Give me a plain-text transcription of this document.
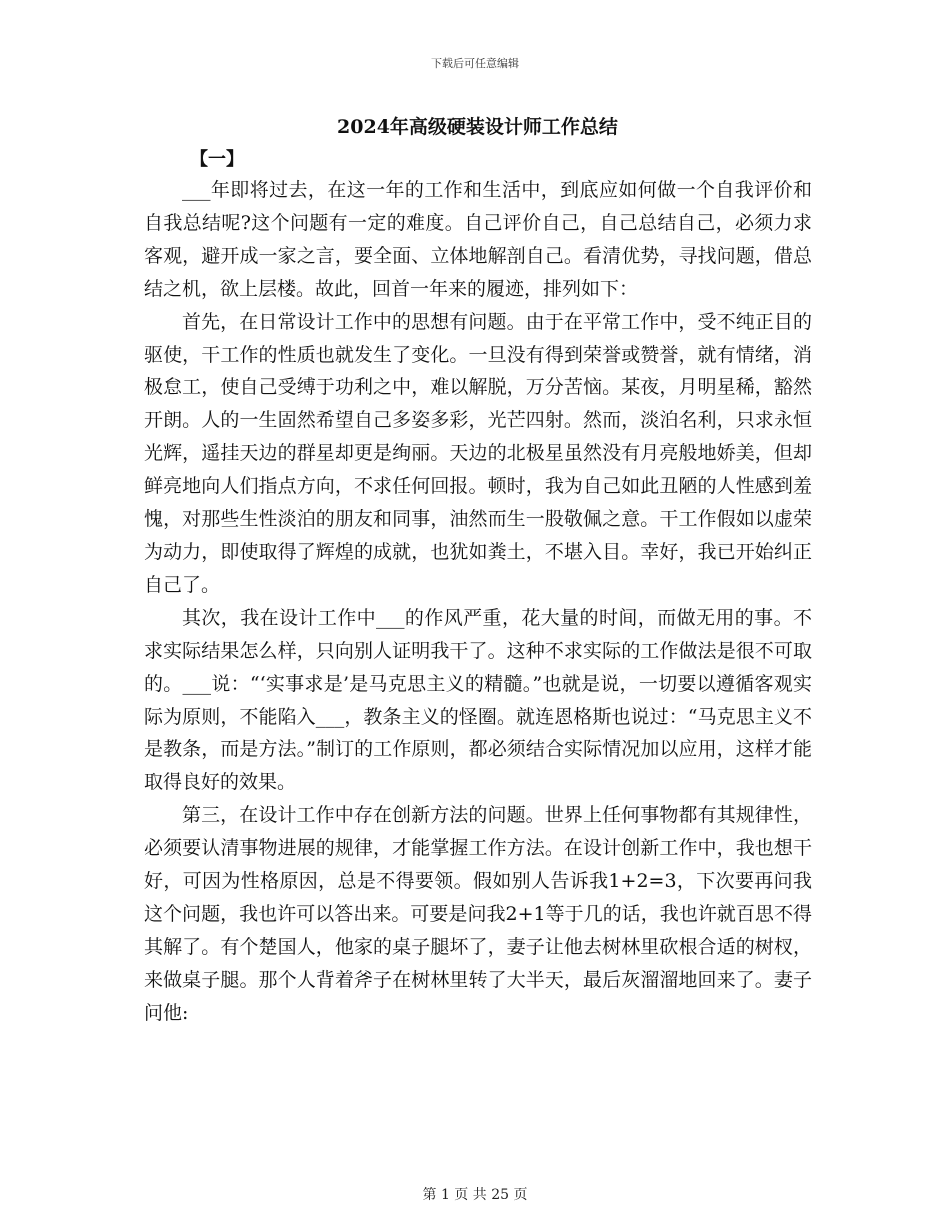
下载后可任意编辑
2024年高级硬装设计师工作总结
【一】

___年即将过去，在这一年的工作和生活中，到底应如何做一个自我评价和自我总结呢?这个问题有一定的难度。自己评价自己，自己总结自己，必须力求客观，避开成一家之言，要全面、立体地解剖自己。看清优势，寻找问题，借总结之机，欲上层楼。故此，回首一年来的履迹，排列如下：

首先，在日常设计工作中的思想有问题。由于在平常工作中，受不纯正目的驱使，干工作的性质也就发生了变化。一旦没有得到荣誉或赞誉，就有情绪，消极怠工，使自己受缚于功利之中，难以解脱，万分苦恼。某夜，月明星稀，豁然开朗。人的一生固然希望自己多姿多彩，光芒四射。然而，淡泊名利，只求永恒光辉，遥挂天边的群星却更是绚丽。天边的北极星虽然没有月亮般地娇美，但却鲜亮地向人们指点方向，不求任何回报。顿时，我为自己如此丑陋的人性感到羞愧，对那些生性淡泊的朋友和同事，油然而生一股敬佩之意。干工作假如以虚荣为动力，即使取得了辉煌的成就，也犹如粪土，不堪入目。幸好，我已开始纠正自己了。

其次，我在设计工作中___的作风严重，花大量的时间，而做无用的事。不求实际结果怎么样，只向别人证明我干了。这种不求实际的工作做法是很不可取的。___说：“‘实事求是’是马克思主义的精髓。”也就是说，一切要以遵循客观实际为原则，不能陷入___，教条主义的怪圈。就连恩格斯也说过：“马克思主义不是教条，而是方法。”制订的工作原则，都必须结合实际情况加以应用，这样才能取得良好的效果。

第三，在设计工作中存在创新方法的问题。世界上任何事物都有其规律性，必须要认清事物进展的规律，才能掌握工作方法。在设计创新工作中，我也想干好，可因为性格原因，总是不得要领。假如别人告诉我1+2=3，下次要再问我这个问题，我也许可以答出来。可要是问我2+1等于几的话，我也许就百思不得其解了。有个楚国人，他家的桌子腿坏了，妻子让他去树林里砍根合适的树杈，来做桌子腿。那个人背着斧子在树林里转了大半天，最后灰溜溜地回来了。妻子问他:

第 1 页 共 25 页
